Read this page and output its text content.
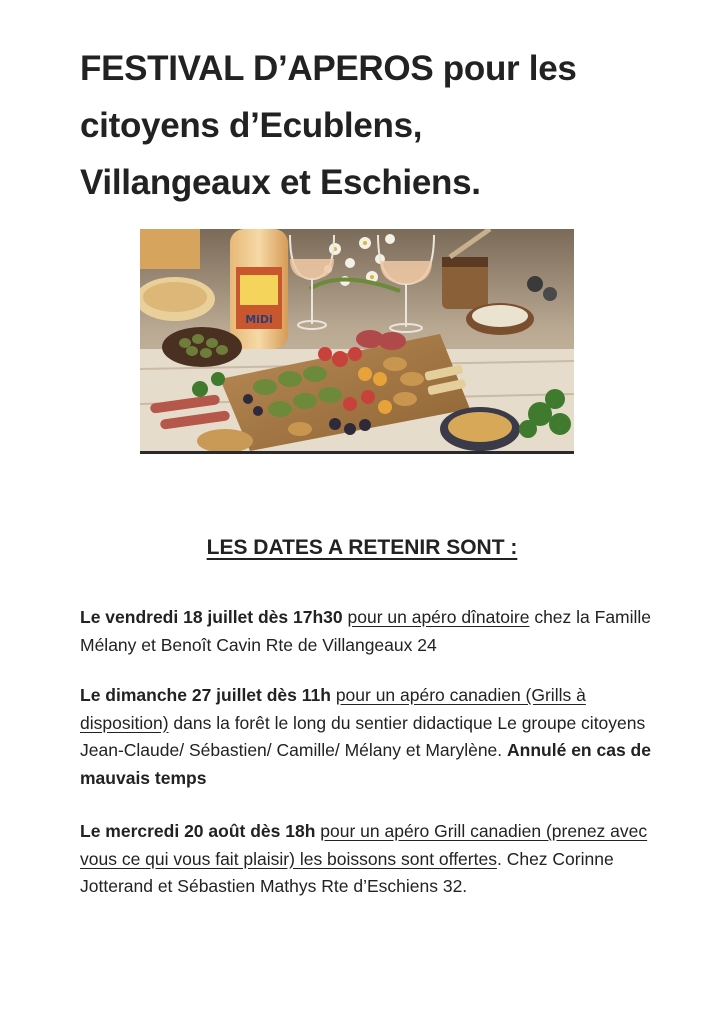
FESTIVAL D’APEROS pour les
citoyens d’Ecublens,
Villangeaux et Eschiens.
MiDi
LES DATES A RETENIR SONT :
Le vendredi 18 juillet dès 17h30 pour un apéro dînatoire chez la Famille Mélany et Benoît Cavin Rte de Villangeaux 24
Le dimanche 27 juillet dès 11h pour un apéro canadien (Grills à disposition) dans la forêt le long du sentier didactique Le groupe citoyens Jean-Claude/ Sébastien/ Camille/ Mélany et Marylène. Annulé en cas de mauvais temps
Le mercredi 20 août dès 18h pour un apéro Grill canadien (prenez avec vous ce qui vous fait plaisir) les boissons sont offertes. Chez Corinne Jotterand et Sébastien Mathys Rte d’Eschiens 32.
